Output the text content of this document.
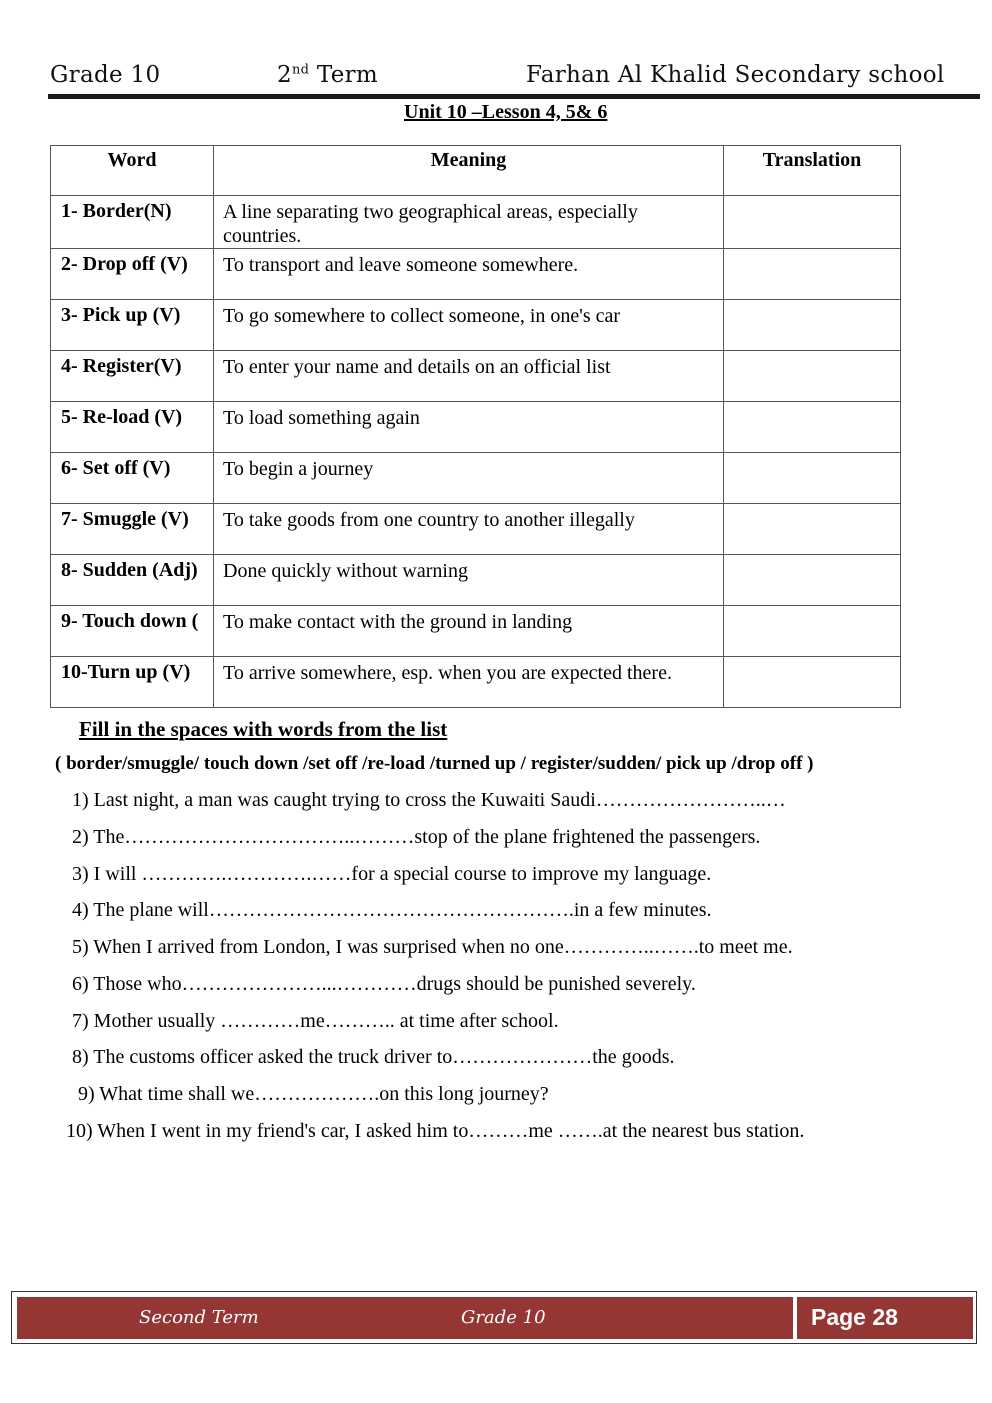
Grade 10	2nd Term	Farhan Al Khalid Secondary school
Unit 10 –Lesson 4, 5& 6
Word	Meaning	Translation
1- Border(N)	A line separating two geographical areas, especially countries.	
2- Drop off (V)	To transport and leave someone somewhere.	
3- Pick up (V)	To go somewhere to collect someone, in one's car	
4- Register(V)	To enter your name and details on an official list	
5- Re-load (V)	To load something again	
6- Set off (V)	To begin a journey	
7- Smuggle (V)	To take goods from one country to another illegally	
8- Sudden (Adj)	Done quickly without warning	
9- Touch down (	To make contact with the ground in landing	
10-Turn up (V)	To arrive somewhere, esp. when you are expected there.	
Fill in the spaces with words from the list
( border/smuggle/ touch down /set off /re-load /turned up / register/sudden/ pick up /drop off )
1) Last night, a man was caught trying to cross the Kuwaiti Saudi……………………..…
2) The……………………………..………stop of the plane frightened the passengers.
3) I will ………….………….……for a special course to improve my language.
4) The plane will……………………………………………….in a few minutes.
5) When I arrived from London, I was surprised when no one…………..…….to meet me.
6) Those who…………………...…………drugs should be punished severely.
7) Mother usually …………me……….. at time after school.
8) The customs officer asked the truck driver to…………………the goods.
9) What time shall we……………….on this long journey?
10) When I went in my friend's car, I asked him to………me …….at the nearest bus station.
Second Term	Grade 10	Page 28
